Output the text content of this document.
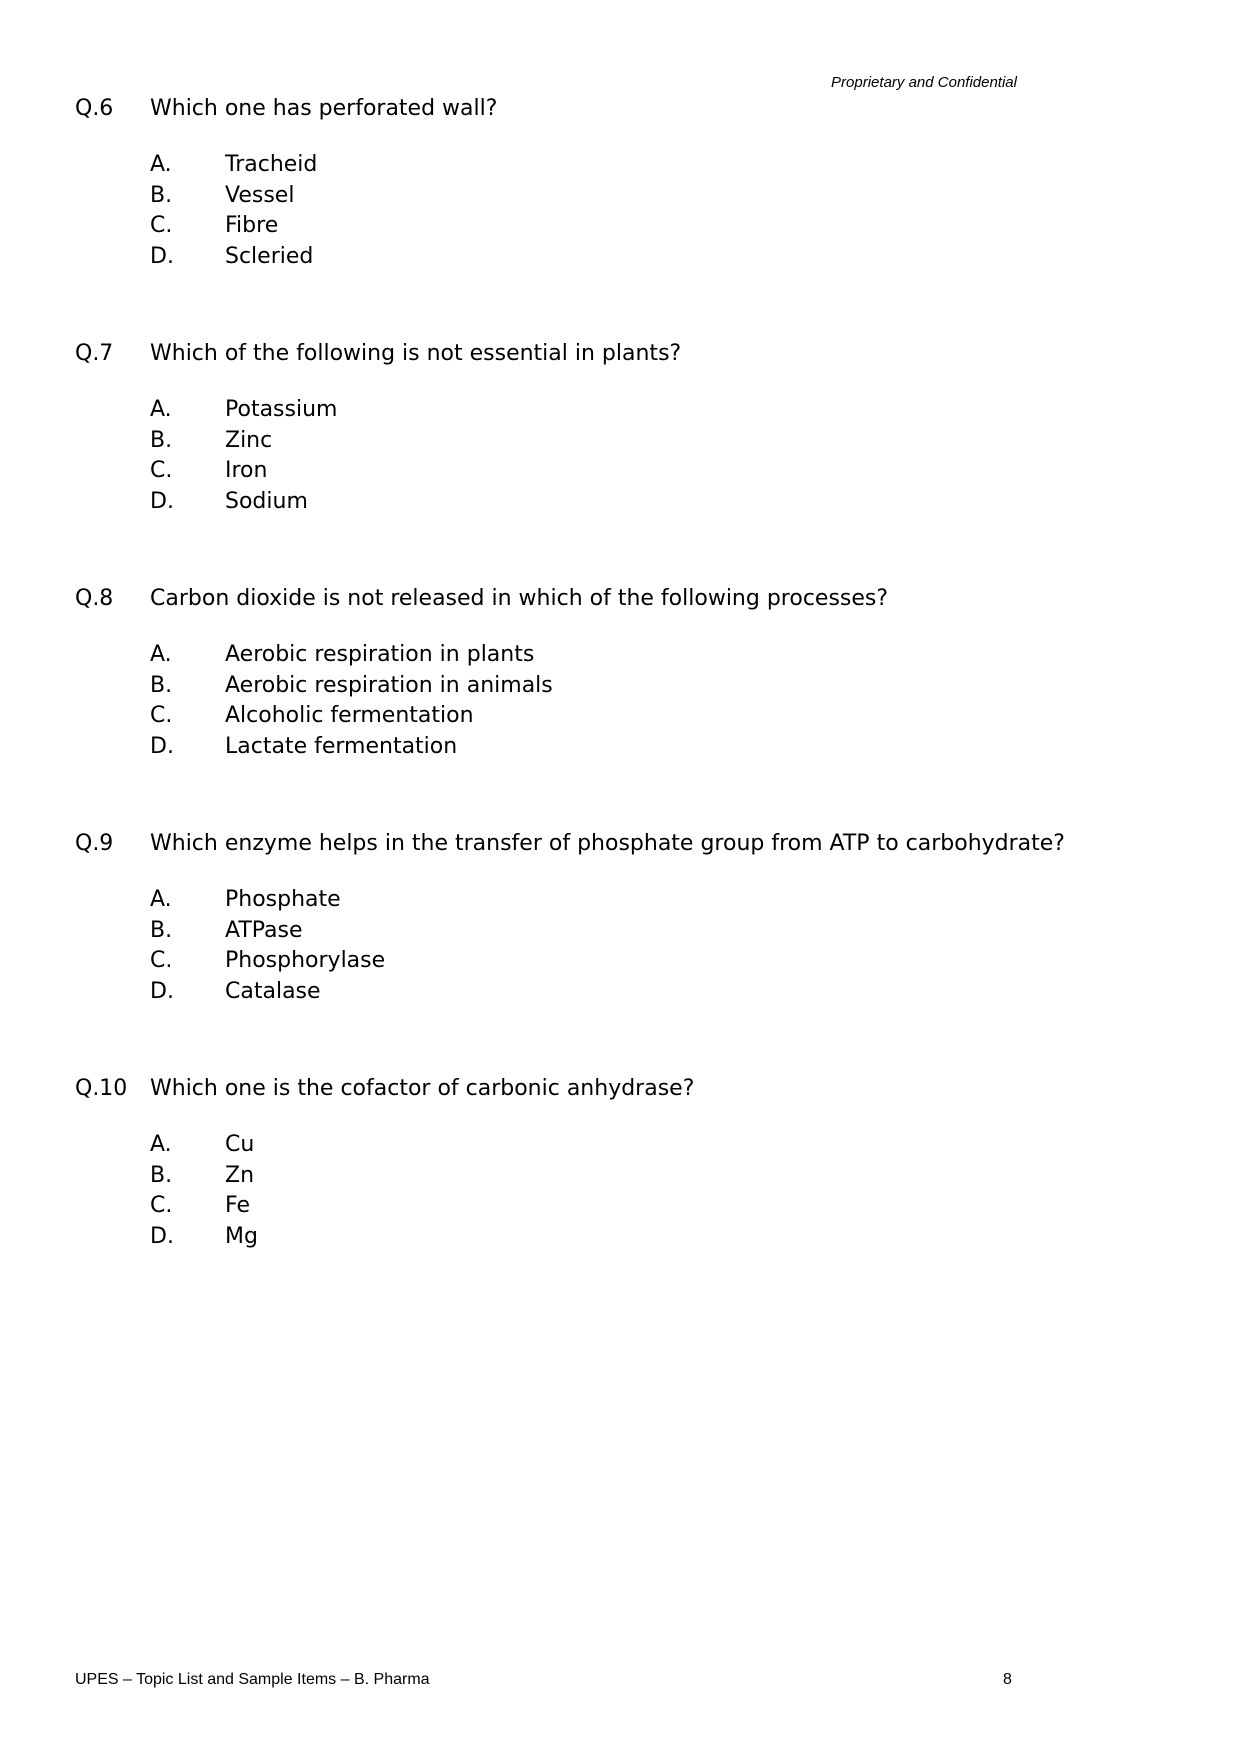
Proprietary and Confidential
Q.6	Which one has perforated wall?
A.	Tracheid
B.	Vessel
C.	Fibre
D.	Scleried
Q.7	Which of the following is not essential in plants?
A.	Potassium
B.	Zinc
C.	Iron
D.	Sodium
Q.8	Carbon dioxide is not released in which of the following processes?
A.	Aerobic respiration in plants
B.	Aerobic respiration in animals
C.	Alcoholic fermentation
D.	Lactate fermentation
Q.9	Which enzyme helps in the transfer of phosphate group from ATP to carbohydrate?
A.	Phosphate
B.	ATPase
C.	Phosphorylase
D.	Catalase
Q.10	Which one is the cofactor of carbonic anhydrase?
A.	Cu
B.	Zn
C.	Fe
D.	Mg
UPES – Topic List and Sample Items – B. Pharma	8
